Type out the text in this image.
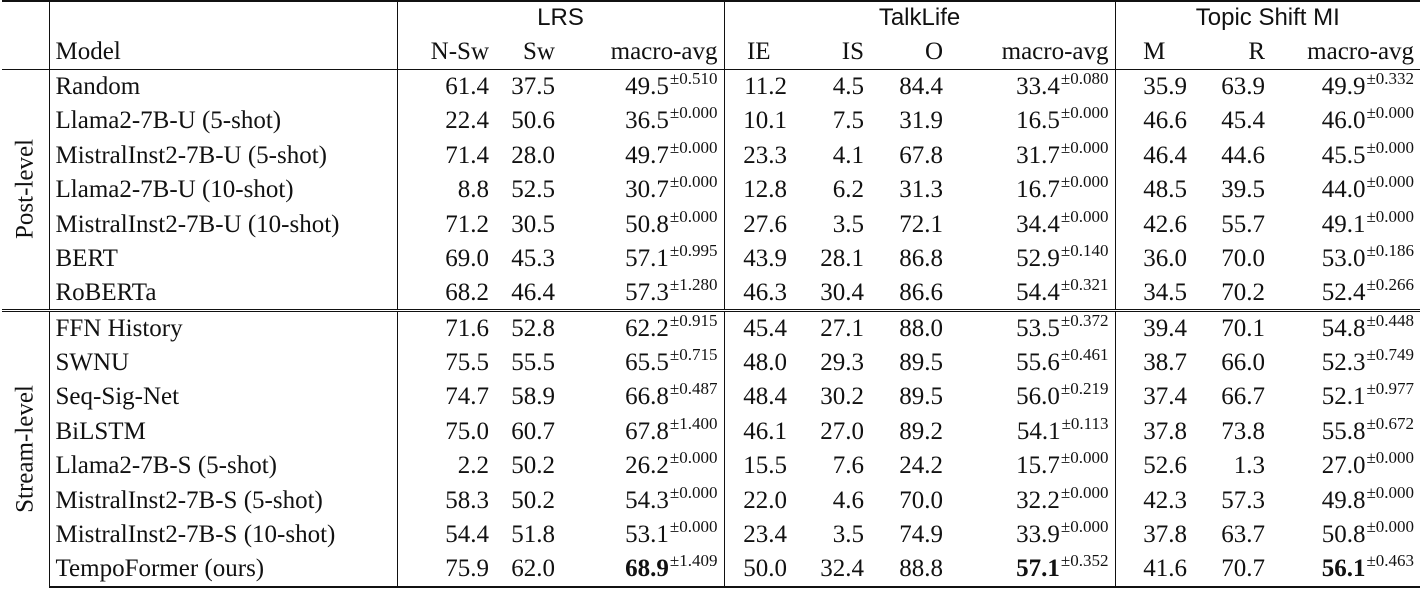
		LRS			TalkLife				Topic Shift MI		
	Model	N-Sw	Sw	macro-avg	IE	IS	O	macro-avg	M	R	macro-avg

Post-level	Random	61.4	37.5	$49.5^{\pm 0.510}$	11.2	4.5	84.4	$33.4^{\pm 0.080}$	35.9	63.9	$49.9^{\pm 0.332}$
	Llama2-7B-U (5-shot)	22.4	50.6	$36.5^{\pm 0.000}$	10.1	7.5	31.9	$16.5^{\pm 0.000}$	46.6	45.4	$46.0^{\pm 0.000}$
	MistralInst2-7B-U (5-shot)	71.4	28.0	$49.7^{\pm 0.000}$	23.3	4.1	67.8	$31.7^{\pm 0.000}$	46.4	44.6	$45.5^{\pm 0.000}$
	Llama2-7B-U (10-shot)	8.8	52.5	$30.7^{\pm 0.000}$	12.8	6.2	31.3	$16.7^{\pm 0.000}$	48.5	39.5	$44.0^{\pm 0.000}$
	MistralInst2-7B-U (10-shot)	71.2	30.5	$50.8^{\pm 0.000}$	27.6	3.5	72.1	$34.4^{\pm 0.000}$	42.6	55.7	$49.1^{\pm 0.000}$
	BERT	69.0	45.3	$57.1^{\pm 0.995}$	43.9	28.1	86.8	$52.9^{\pm 0.140}$	36.0	70.0	$53.0^{\pm 0.186}$
	RoBERTa	68.2	46.4	$57.3^{\pm 1.280}$	46.3	30.4	86.6	$54.4^{\pm 0.321}$	34.5	70.2	$52.4^{\pm 0.266}$

Stream-level	FFN History	71.6	52.8	$62.2^{\pm 0.915}$	45.4	27.1	88.0	$53.5^{\pm 0.372}$	39.4	70.1	$54.8^{\pm 0.448}$
	SWNU	75.5	55.5	$65.5^{\pm 0.715}$	48.0	29.3	89.5	$55.6^{\pm 0.461}$	38.7	66.0	$52.3^{\pm 0.749}$
	Seq-Sig-Net	74.7	58.9	$66.8^{\pm 0.487}$	48.4	30.2	89.5	$56.0^{\pm 0.219}$	37.4	66.7	$52.1^{\pm 0.977}$
	BiLSTM	75.0	60.7	$67.8^{\pm 1.400}$	46.1	27.0	89.2	$54.1^{\pm 0.113}$	37.8	73.8	$55.8^{\pm 0.672}$
	Llama2-7B-S (5-shot)	2.2	50.2	$26.2^{\pm 0.000}$	15.5	7.6	24.2	$15.7^{\pm 0.000}$	52.6	1.3	$27.0^{\pm 0.000}$
	MistralInst2-7B-S (5-shot)	58.3	50.2	$54.3^{\pm 0.000}$	22.0	4.6	70.0	$32.2^{\pm 0.000}$	42.3	57.3	$49.8^{\pm 0.000}$
	MistralInst2-7B-S (10-shot)	54.4	51.8	$53.1^{\pm 0.000}$	23.4	3.5	74.9	$33.9^{\pm 0.000}$	37.8	63.7	$50.8^{\pm 0.000}$
	TempoFormer (ours)	75.9	62.0	$68.9^{\pm 1.409}$	50.0	32.4	88.8	$57.1^{\pm 0.352}$	41.6	70.7	$56.1^{\pm 0.463}$
